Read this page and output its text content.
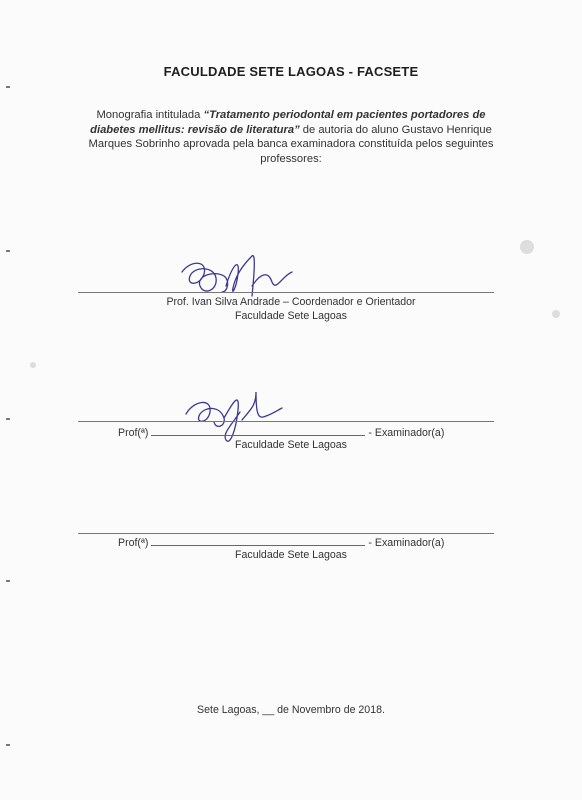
FACULDADE SETE LAGOAS - FACSETE
Monografia intitulada “Tratamento periodontal em pacientes portadores de diabetes mellitus: revisão de literatura” de autoria do aluno Gustavo Henrique Marques Sobrinho aprovada pela banca examinadora constituída pelos seguintes professores:
Prof. Ivan Silva Andrade – Coordenador e Orientador
Faculdade Sete Lagoas
Prof(ª)	- Examinador(a)
Faculdade Sete Lagoas
Prof(ª)	- Examinador(a)
Faculdade Sete Lagoas
Sete Lagoas, __ de Novembro de 2018.
